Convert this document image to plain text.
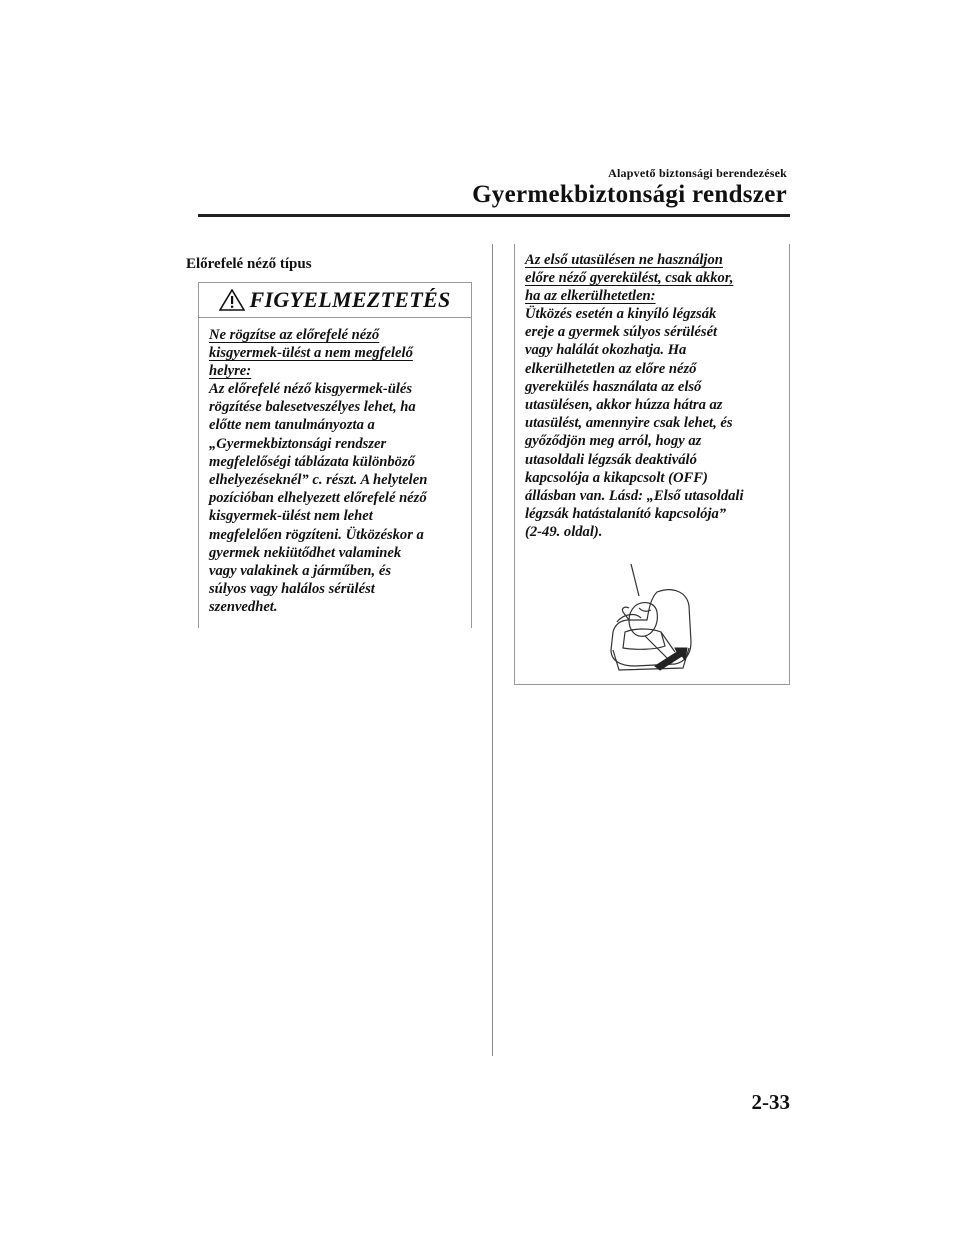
Alapvető biztonsági berendezések
Gyermekbiztonsági rendszer
Előrefelé néző típus
FIGYELMEZTETÉS
Ne rögzítse az előrefelé néző
kisgyermek-ülést a nem megfelelő
helyre:
Az előrefelé néző kisgyermek-ülés
rögzítése balesetveszélyes lehet, ha
előtte nem tanulmányozta a
„Gyermekbiztonsági rendszer
megfelelőségi táblázata különböző
elhelyezéseknél” c. részt. A helytelen
pozícióban elhelyezett előrefelé néző
kisgyermek-ülést nem lehet
megfelelően rögzíteni. Ütközéskor a
gyermek nekiütődhet valaminek
vagy valakinek a járműben, és
súlyos vagy halálos sérülést
szenvedhet.
Az első utasülésen ne használjon
előre néző gyerekülést, csak akkor,
ha az elkerülhetetlen:
Ütközés esetén a kinyíló légzsák
ereje a gyermek súlyos sérülését
vagy halálát okozhatja. Ha
elkerülhetetlen az előre néző
gyerekülés használata az első
utasülésen, akkor húzza hátra az
utasülést, amennyire csak lehet, és
győződjön meg arról, hogy az
utasoldali légzsák deaktiváló
kapcsolója a kikapcsolt (OFF)
állásban van. Lásd: „Első utasoldali
légzsák hatástalanító kapcsolója”
(2-49. oldal).
2-33
